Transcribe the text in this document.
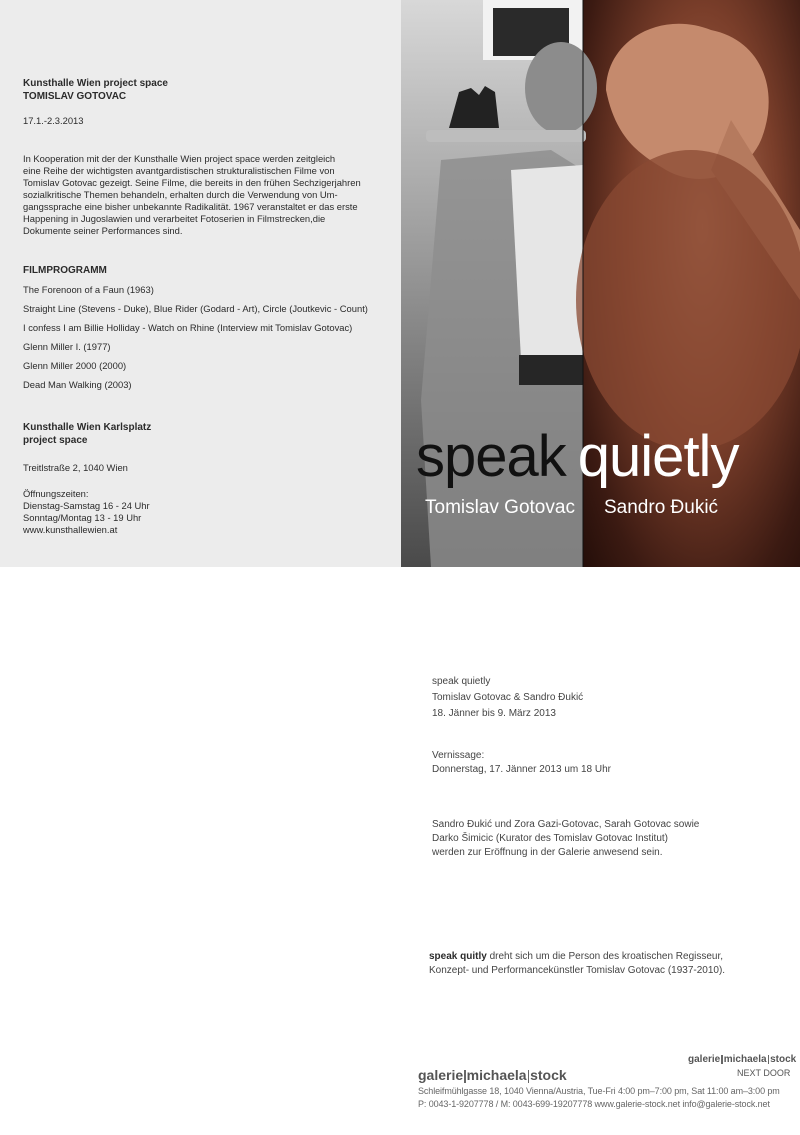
Kunsthalle Wien project space
TOMISLAV GOTOVAC
17.1.-2.3.2013
In Kooperation mit der der Kunsthalle Wien project space werden zeitgleich
eine Reihe der wichtigsten avantgardistischen strukturalistischen Filme von
Tomislav Gotovac gezeigt. Seine Filme, die bereits in den frühen Sechzigerjahren
sozialkritische Themen behandeln, erhalten durch die Verwendung von Um-
gangssprache eine bisher unbekannte Radikalität. 1967 veranstaltet er das erste
Happening in Jugoslawien und verarbeitet Fotoserien in Filmstrecken,die
Dokumente seiner Performances sind.
FILMPROGRAMM
The Forenoon of a Faun (1963)
Straight Line (Stevens - Duke), Blue Rider (Godard - Art), Circle (Joutkevic - Count)
I confess I am Billie Holliday - Watch on Rhine (Interview mit Tomislav Gotovac)
Glenn Miller I. (1977)
Glenn Miller 2000 (2000)
Dead Man Walking (2003)
Kunsthalle Wien Karlsplatz
project space
Treitlstraße 2, 1040 Wien
Öffnungszeiten:
Dienstag-Samstag 16 - 24 Uhr
Sonntag/Montag 13 - 19 Uhr
www.kunsthallewien.at
speak quietly
Tomislav Gotovac Sandro Đukić
speak quietly
Tomislav Gotovac & Sandro Đukić
18. Jänner bis 9. März 2013
Vernissage:
Donnerstag, 17. Jänner 2013 um 18 Uhr
Sandro Đukić und Zora Gazi-Gotovac, Sarah Gotovac sowie
Darko Šimicic (Kurator des Tomislav Gotovac Institut)
werden zur Eröffnung in der Galerie anwesend sein.
speak quitly dreht sich um die Person des kroatischen Regisseur,
Konzept- und Performancekünstler Tomislav Gotovac (1937-2010).
galerie michaela stock
galerie michaela stock
NEXT DOOR
Schleifmühlgasse 18, 1040 Vienna/Austria, Tue-Fri 4:00 pm–7:00 pm, Sat 11:00 am–3:00 pm
P: 0043-1-9207778 / M: 0043-699-19207778 www.galerie-stock.net info@galerie-stock.net
